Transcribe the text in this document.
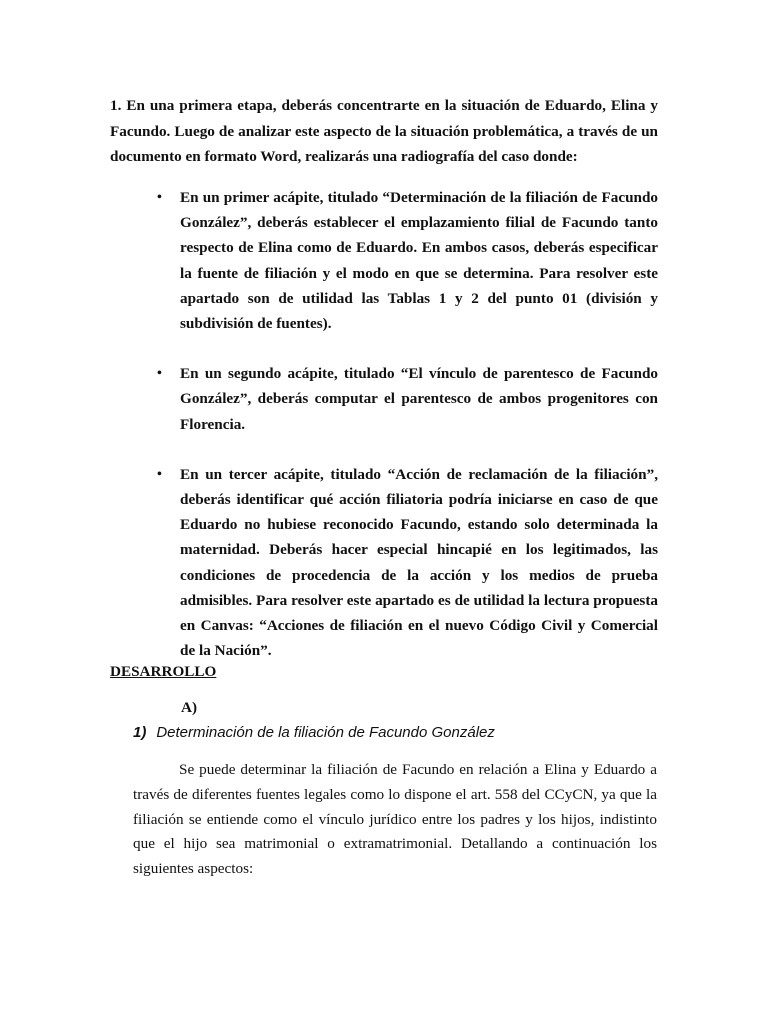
1. En una primera etapa, deberás concentrarte en la situación de Eduardo, Elina y Facundo. Luego de analizar este aspecto de la situación problemática, a través de un documento en formato Word, realizarás una radiografía del caso donde:

• En un primer acápite, titulado “Determinación de la filiación de Facundo González”, deberás establecer el emplazamiento filial de Facundo tanto respecto de Elina como de Eduardo. En ambos casos, deberás especificar la fuente de filiación y el modo en que se determina. Para resolver este apartado son de utilidad las Tablas 1 y 2 del punto 01 (división y subdivisión de fuentes).
• En un segundo acápite, titulado “El vínculo de parentesco de Facundo González”, deberás computar el parentesco de ambos progenitores con Florencia.
• En un tercer acápite, titulado “Acción de reclamación de la filiación”, deberás identificar qué acción filiatoria podría iniciarse en caso de que Eduardo no hubiese reconocido Facundo, estando solo determinada la maternidad. Deberás hacer especial hincapié en los legitimados, las condiciones de procedencia de la acción y los medios de prueba admisibles. Para resolver este apartado es de utilidad la lectura propuesta en Canvas: “Acciones de filiación en el nuevo Código Civil y Comercial de la Nación”.
DESARROLLO

A)

1) Determinación de la filiación de Facundo González

Se puede determinar la filiación de Facundo en relación a Elina y Eduardo a través de diferentes fuentes legales como lo dispone el art. 558 del CCyCN, ya que la filiación se entiende como el vínculo jurídico entre los padres y los hijos, indistinto que el hijo sea matrimonial o extramatrimonial. Detallando a continuación los siguientes aspectos:
